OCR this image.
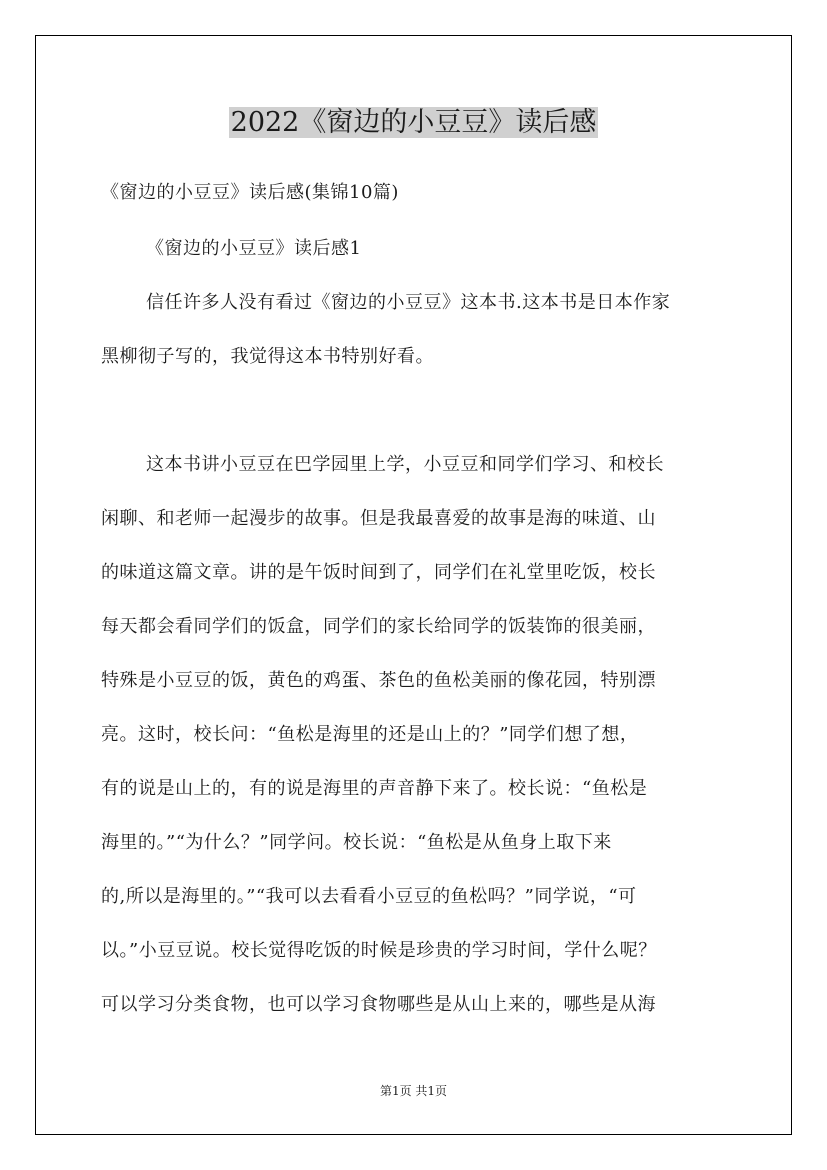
2022《窗边的小豆豆》读后感
《窗边的小豆豆》读后感(集锦10篇)
《窗边的小豆豆》读后感1
信任许多人没有看过《窗边的小豆豆》这本书.这本书是日本作家
黑柳彻子写的，我觉得这本书特别好看。
这本书讲小豆豆在巴学园里上学，小豆豆和同学们学习、和校长
闲聊、和老师一起漫步的故事。但是我最喜爱的故事是海的味道、山
的味道这篇文章。讲的是午饭时间到了，同学们在礼堂里吃饭，校长
每天都会看同学们的饭盒，同学们的家长给同学的饭装饰的很美丽，
特殊是小豆豆的饭，黄色的鸡蛋、茶色的鱼松美丽的像花园，特别漂
亮。这时，校长问：“鱼松是海里的还是山上的？”同学们想了想，
有的说是山上的，有的说是海里的声音静下来了。校长说：“鱼松是
海里的。”“为什么？”同学问。校长说：“鱼松是从鱼身上取下来
的,所以是海里的。”“我可以去看看小豆豆的鱼松吗？”同学说，“可
以。”小豆豆说。校长觉得吃饭的时候是珍贵的学习时间，学什么呢？
可以学习分类食物，也可以学习食物哪些是从山上来的，哪些是从海
第1页 共1页
